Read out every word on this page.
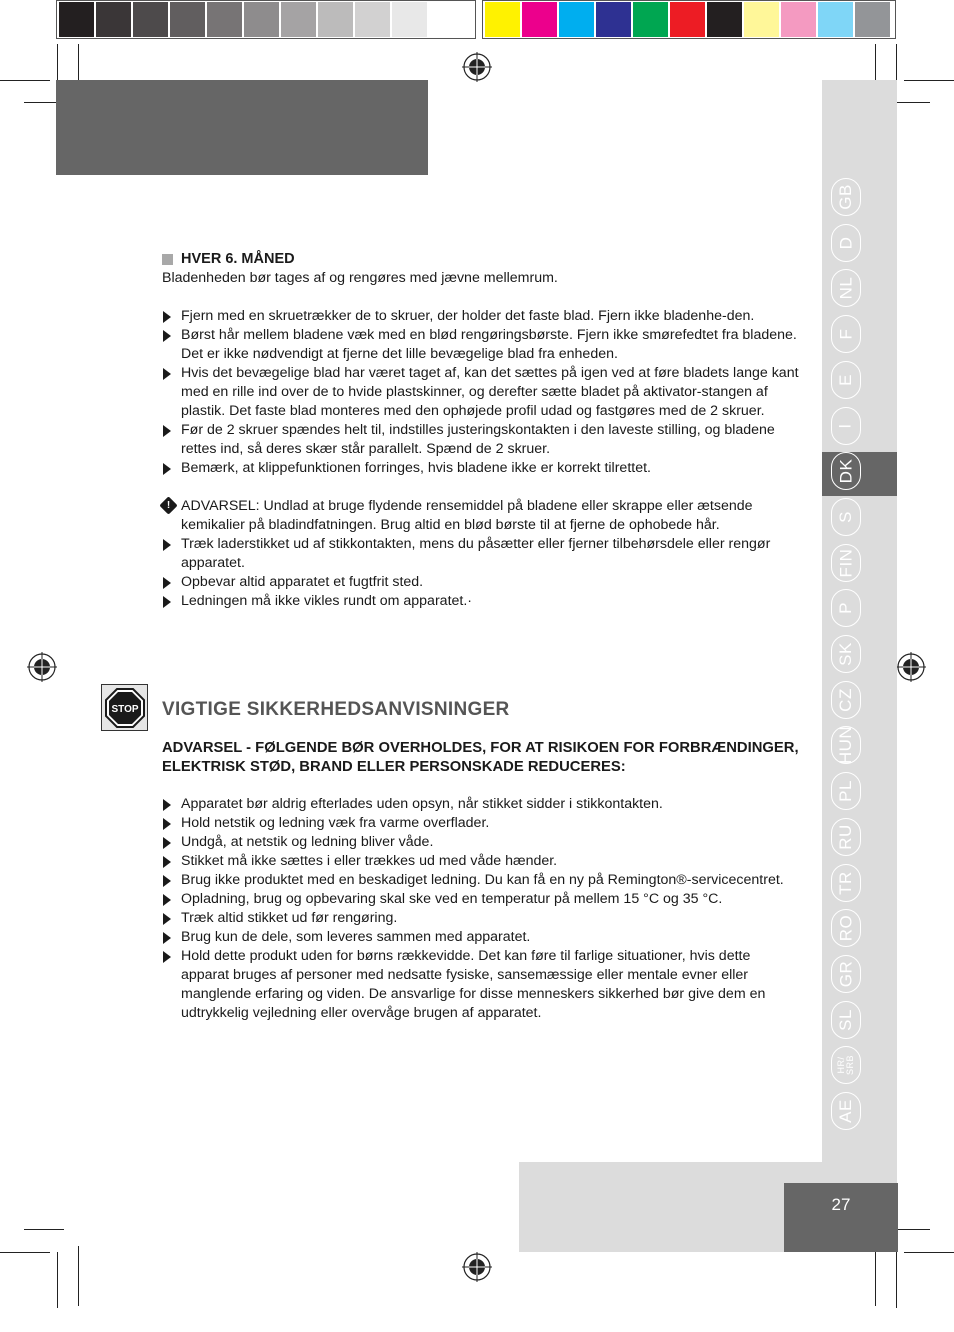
GB
D
NL
F
E
I
DK
S
FIN
P
SK
CZ
HUN
PL
RU
TR
RO
GR
SL
HR/
SRB
AE
27
HVER 6. MÅNED

Bladenheden bør tages af og rengøres med jævne mellemrum.

Fjern med en skruetrækker de to skruer, der holder det faste blad. Fjern ikke bladenhe-den.
Børst hår mellem bladene væk med en blød rengøringsbørste. Fjern ikke smørefedtet fra bladene. Det er ikke nødvendigt at fjerne det lille bevægelige blad fra enheden.
Hvis det bevægelige blad har været taget af, kan det sættes på igen ved at føre bladets lange kant med en rille ind over de to hvide plastskinner, og derefter sætte bladet på aktivator-stangen af plastik. Det faste blad monteres med den ophøjede profil udad og fastgøres med de 2 skruer.
Før de 2 skruer spændes helt til, indstilles justeringskontakten i den laveste stilling, og bladene rettes ind, så deres skær står parallelt. Spænd de 2 skruer.
Bemærk, at klippefunktionen forringes, hvis bladene ikke er korrekt tilrettet.
! ADVARSEL: Undlad at bruge flydende rensemiddel på bladene eller skrappe eller ætsende kemikalier på bladindfatningen. Brug altid en blød børste til at fjerne de ophobede hår.
Træk laderstikket ud af stikkontakten, mens du påsætter eller fjerner tilbehørsdele eller rengør apparatet.
Opbevar altid apparatet et fugtfrit sted.
Ledningen må ikke vikles rundt om apparatet.·
STOP VIGTIGE SIKKERHEDSANVISNINGER
ADVARSEL - FØLGENDE BØR OVERHOLDES, FOR AT RISIKOEN FOR FORBRÆNDINGER, ELEKTRISK STØD, BRAND ELLER PERSONSKADE REDUCERES:
Apparatet bør aldrig efterlades uden opsyn, når stikket sidder i stikkontakten.
Hold netstik og ledning væk fra varme overflader.
Undgå, at netstik og ledning bliver våde.
Stikket må ikke sættes i eller trækkes ud med våde hænder.
Brug ikke produktet med en beskadiget ledning. Du kan få en ny på Remington®-servicecentret.
Opladning, brug og opbevaring skal ske ved en temperatur på mellem 15 °C og 35 °C.
Træk altid stikket ud før rengøring.
Brug kun de dele, som leveres sammen med apparatet.
Hold dette produkt uden for børns rækkevidde. Det kan føre til farlige situationer, hvis dette apparat bruges af personer med nedsatte fysiske, sansemæssige eller mentale evner eller manglende erfaring og viden. De ansvarlige for disse menneskers sikkerhed bør give dem en udtrykkelig vejledning eller overvåge brugen af apparatet.
